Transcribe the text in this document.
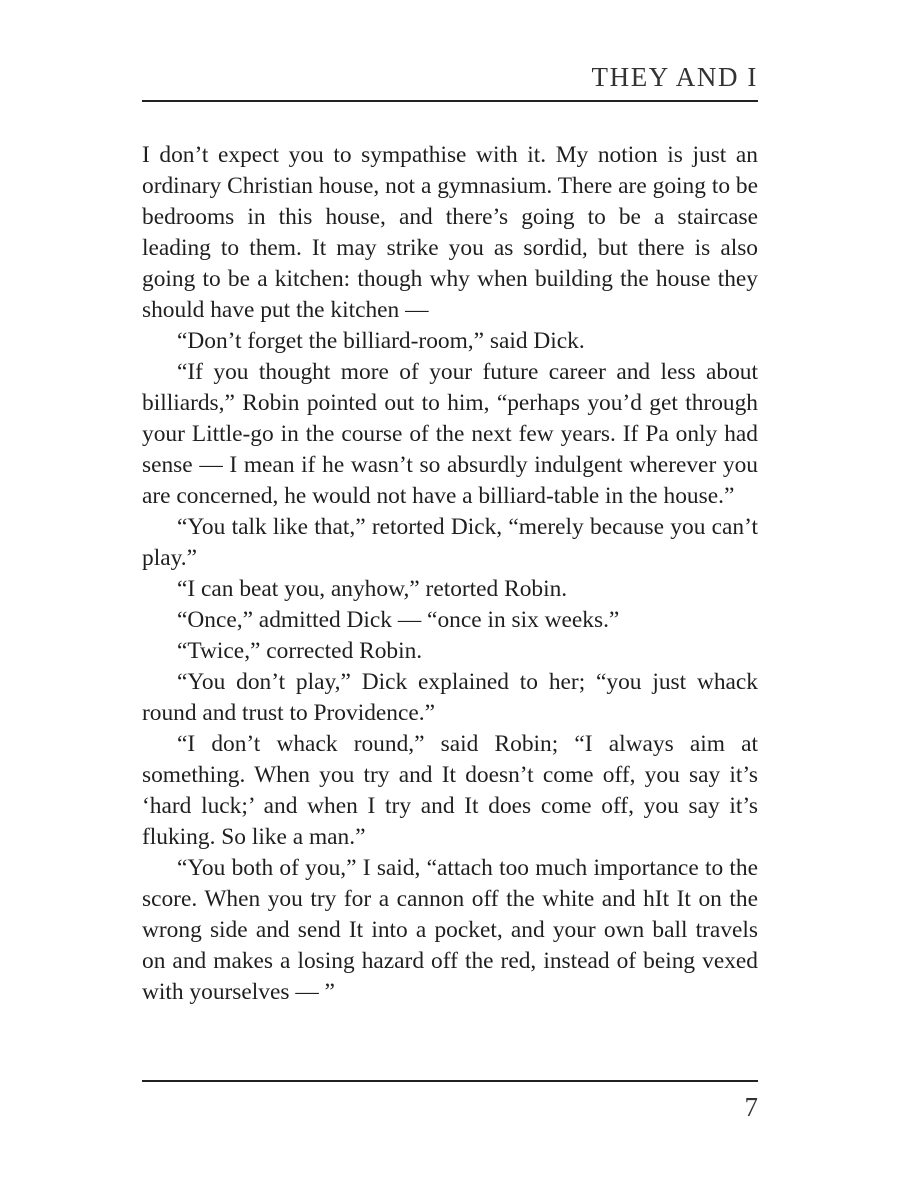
THEY AND I

I don’t expect you to sympathise with it. My notion is just an ordinary Christian house, not a gymnasium. There are going to be bedrooms in this house, and there’s going to be a staircase leading to them. It may strike you as sordid, but there is also going to be a kitchen: though why when building the house they should have put the kitchen —

“Don’t forget the billiard-room,” said Dick.

“If you thought more of your future career and less about billiards,” Robin pointed out to him, “perhaps you’d get through your Little-go in the course of the next few years. If Pa only had sense — I mean if he wasn’t so absurdly indulgent wherever you are concerned, he would not have a billiard-table in the house.”

“You talk like that,” retorted Dick, “merely because you can’t play.”

“I can beat you, anyhow,” retorted Robin.

“Once,” admitted Dick — “once in six weeks.”

“Twice,” corrected Robin.

“You don’t play,” Dick explained to her; “you just whack round and trust to Providence.”

“I don’t whack round,” said Robin; “I always aim at something. When you try and It doesn’t come off, you say it’s ‘hard luck;’ and when I try and It does come off, you say it’s fluking. So like a man.”

“You both of you,” I said, “attach too much importance to the score. When you try for a cannon off the white and hIt It on the wrong side and send It into a pocket, and your own ball travels on and makes a losing hazard off the red, instead of being vexed with yourselves — ”

7
